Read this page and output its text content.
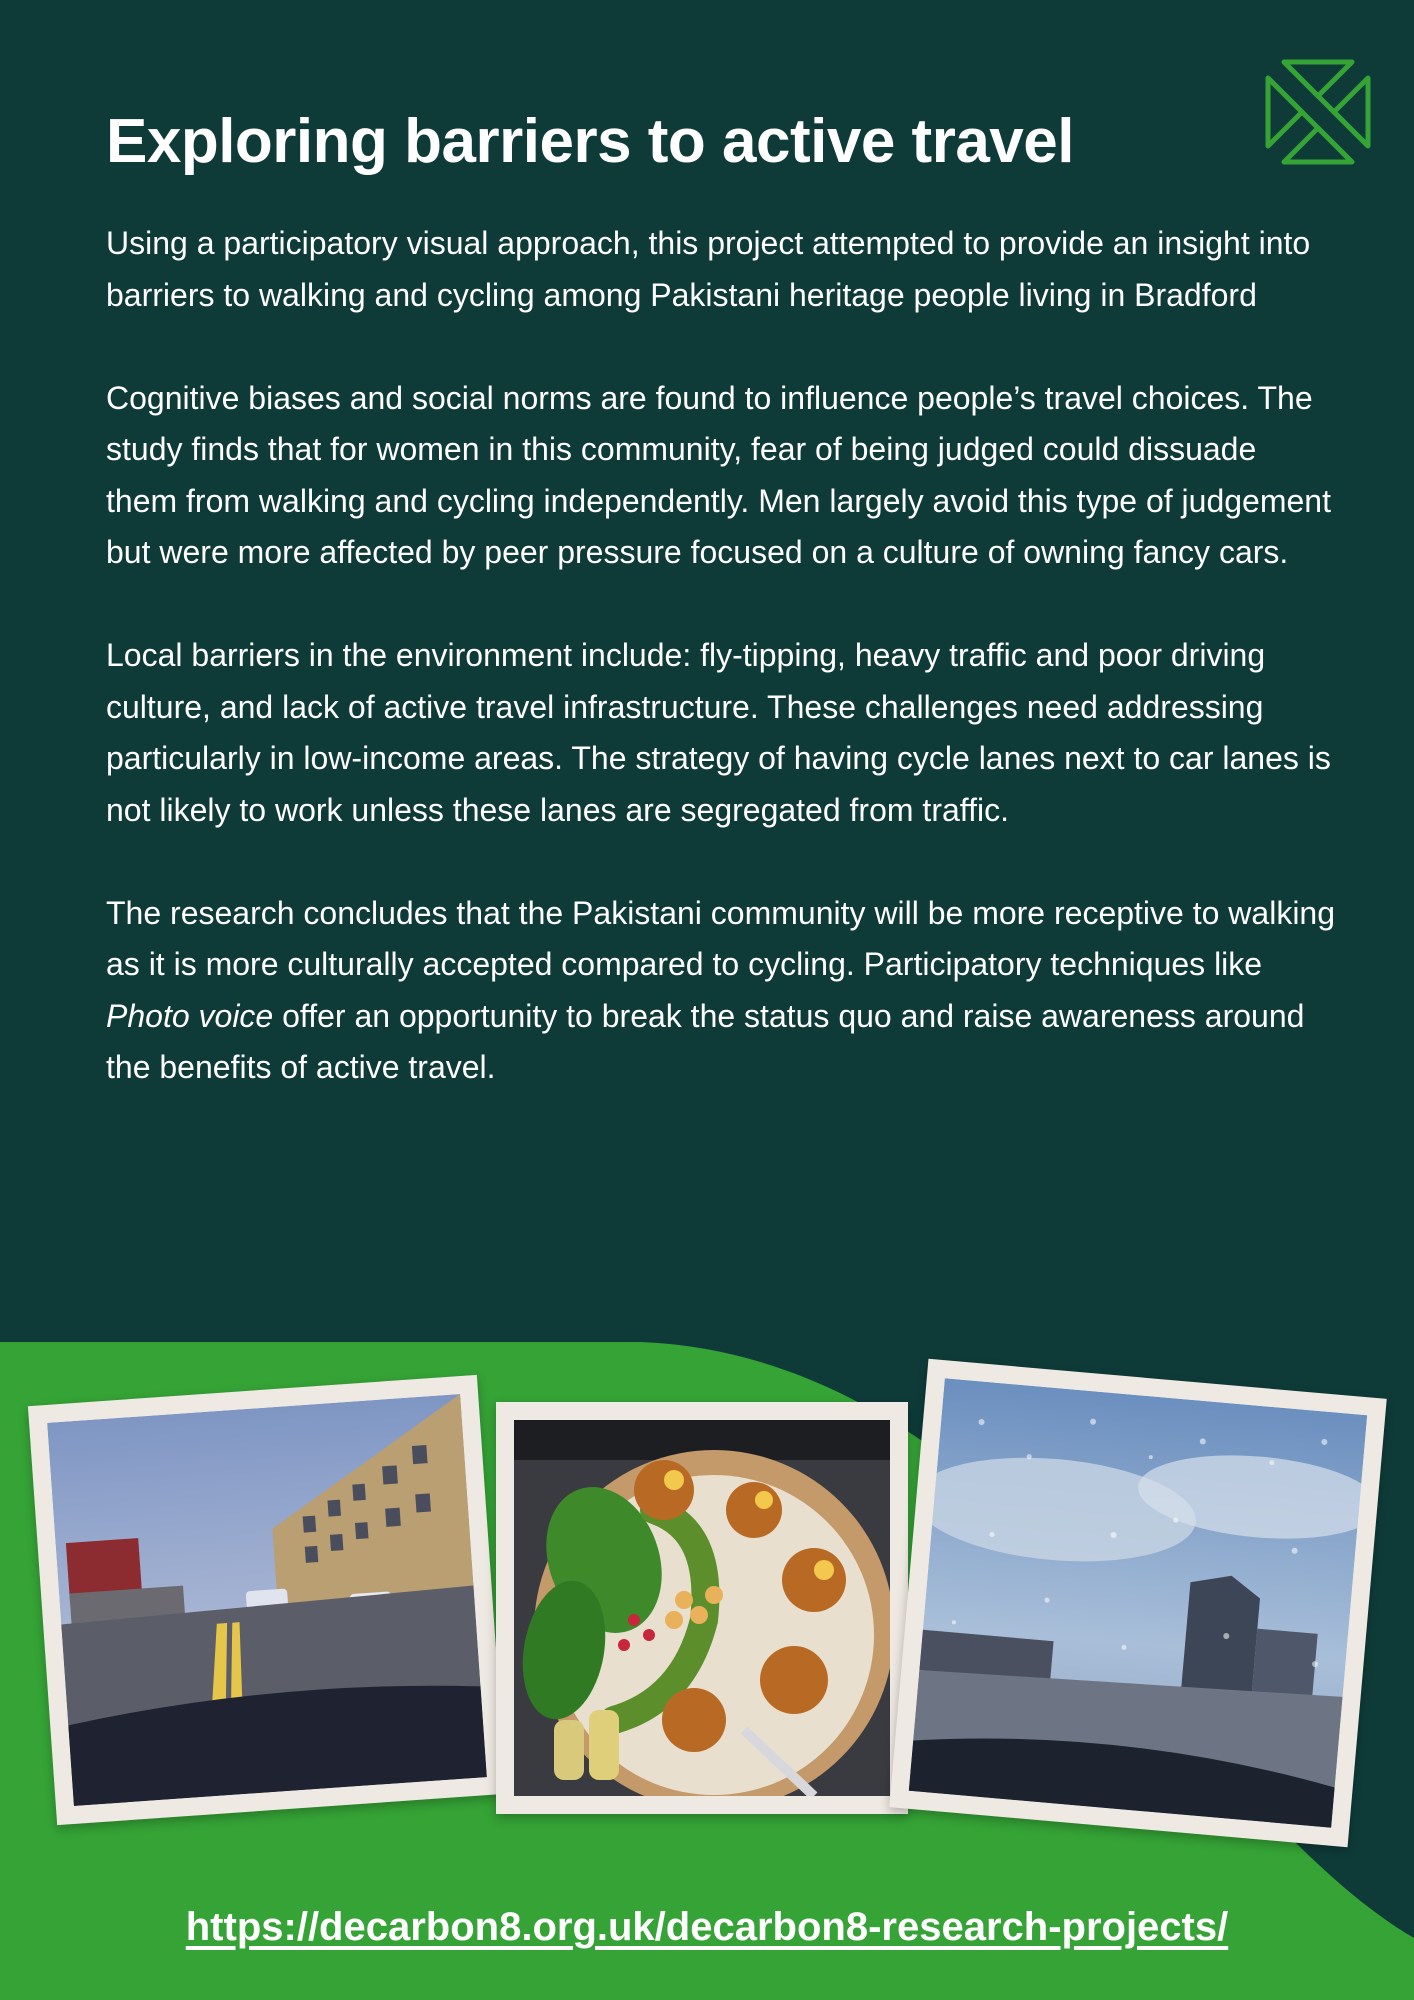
Exploring barriers to active travel

Using a participatory visual approach, this project attempted to provide an insight into barriers to walking and cycling among Pakistani heritage people living in Bradford

Cognitive biases and social norms are found to influence people’s travel choices. The study finds that for women in this community, fear of being judged could dissuade them from walking and cycling independently. Men largely avoid this type of judgement but were more affected by peer pressure focused on a culture of owning fancy cars.

Local barriers in the environment include: fly-tipping, heavy traffic and poor driving culture, and lack of active travel infrastructure. These challenges need addressing particularly in low-income areas. The strategy of having cycle lanes next to car lanes is not likely to work unless these lanes are segregated from traffic.

The research concludes that the Pakistani community will be more receptive to walking as it is more culturally accepted compared to cycling. Participatory techniques like Photo voice offer an opportunity to break the status quo and raise awareness around the benefits of active travel.

https://decarbon8.org.uk/decarbon8-research-projects/
